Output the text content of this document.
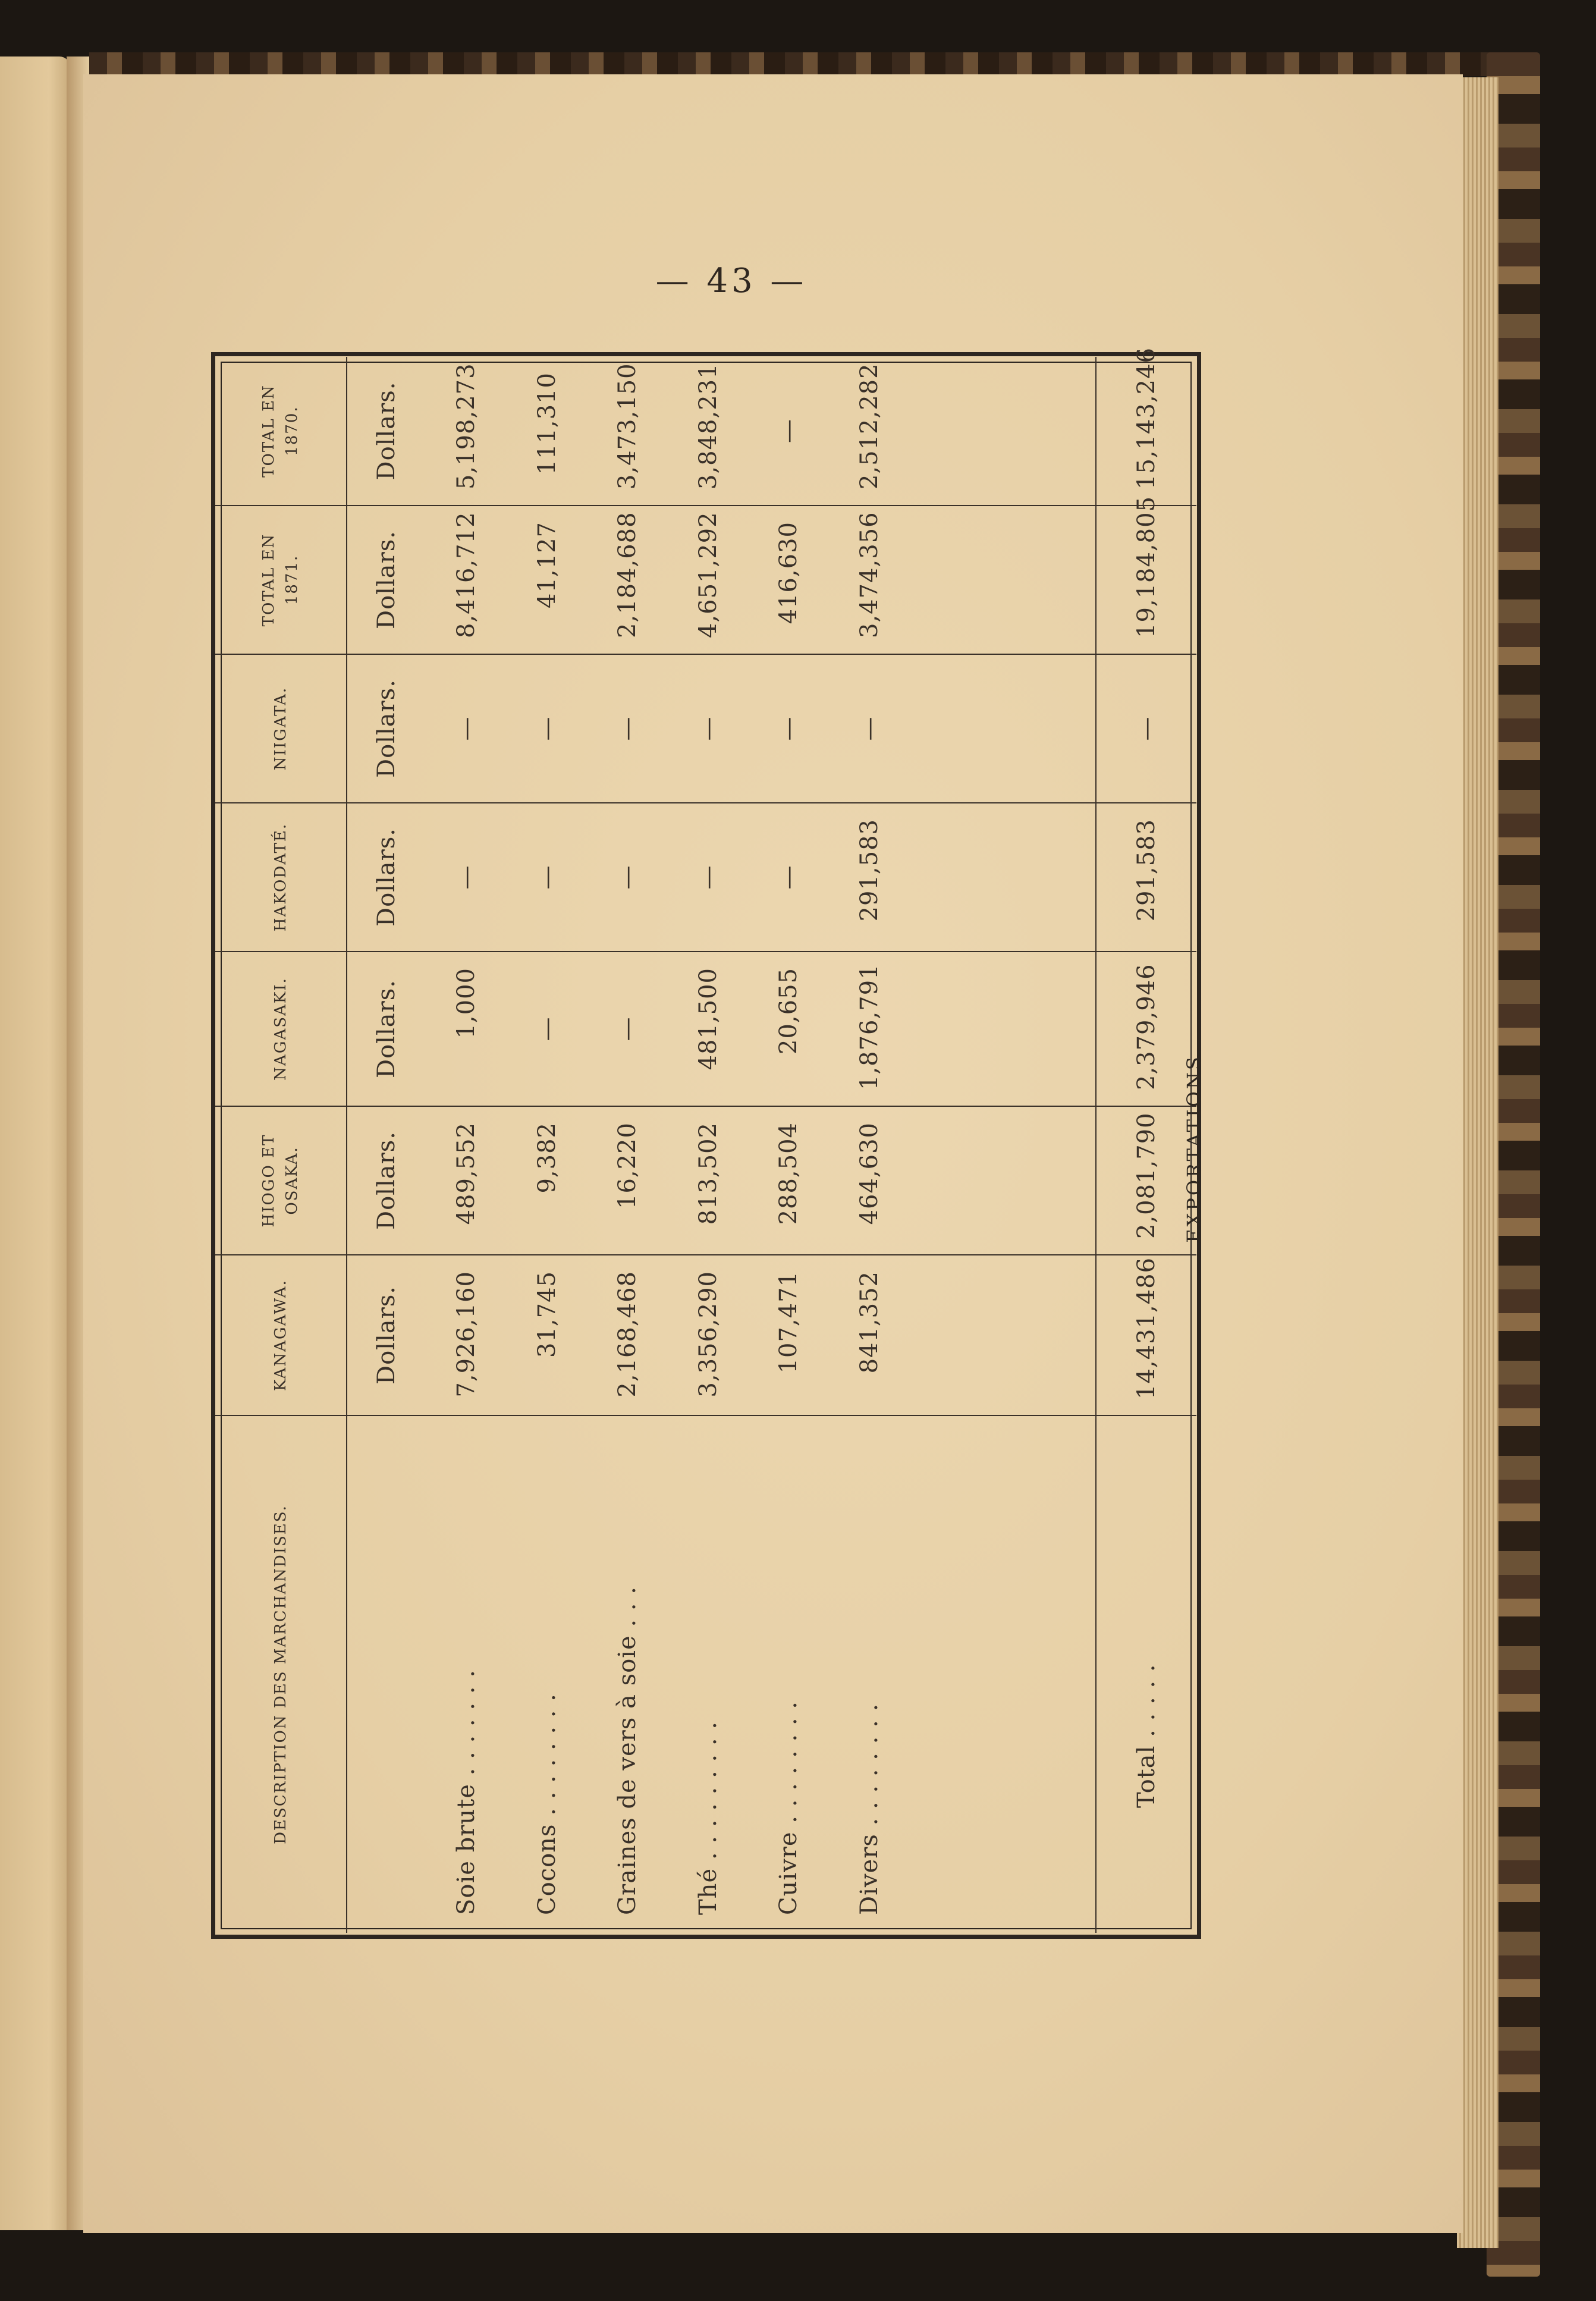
— 43 —
EXPORTATIONS.
DESCRIPTION DES MARCHANDISES.	KANAGAWA.	HIOGO ET OSAKA.	NAGASAKI.	HAKODATÉ.	NIIGATA.	TOTAL EN 1871.	TOTAL EN 1870.
	Dollars.	Dollars.	Dollars.	Dollars.	Dollars.	Dollars.	Dollars.
Soie brute . . . . . . .	7,926,160	489,552	1,000	—	—	8,416,712	5,198,273
Cocons . . . . . . . .	31,745	9,382	—	—	—	41,127	111,310
Graines de vers à soie . . .	2,168,468	16,220	—	—	—	2,184,688	3,473,150
Thé . . . . . . . . .	3,356,290	813,502	481,500	—	—	4,651,292	3,848,231
Cuivre . . . . . . . .	107,471	288,504	20,655	—	—	416,630	—
Divers . . . . . . . .	841,352	464,630	1,876,791	291,583	—	3,474,356	2,512,282

Total . . . . .	14,431,486	2,081,790	2,379,946	291,583	—	19,184,805	15,143,246
